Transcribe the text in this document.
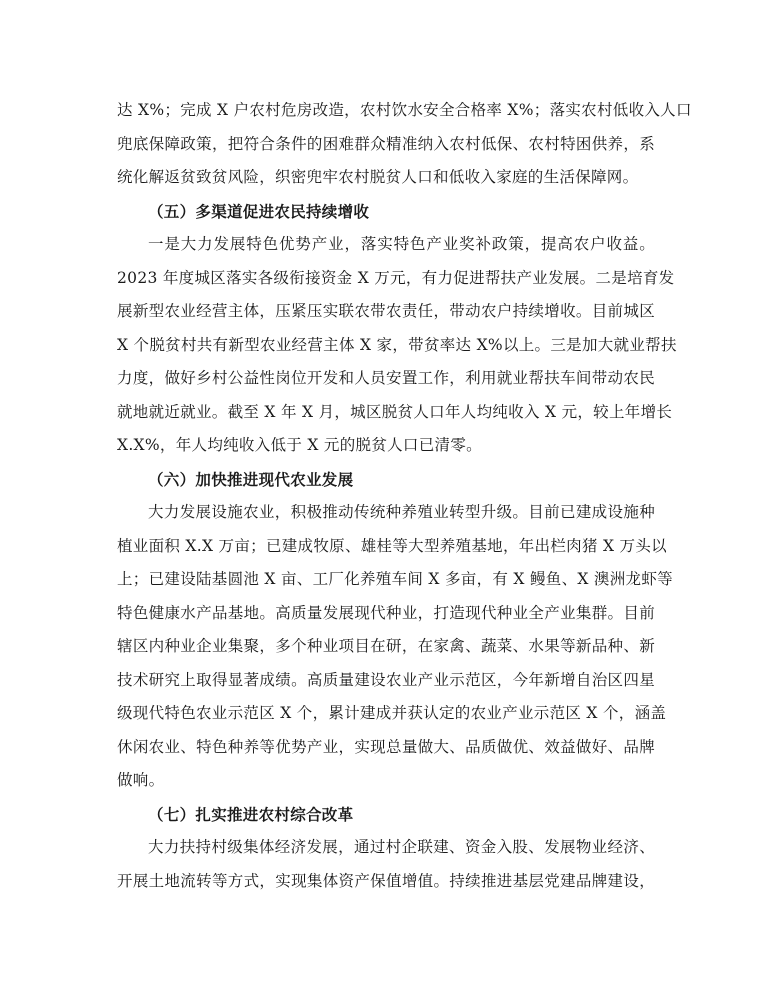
达 X%；完成 X 户农村危房改造，农村饮水安全合格率 X%；落实农村低收入人口
兜底保障政策，把符合条件的困难群众精准纳入农村低保、农村特困供养，系
统化解返贫致贫风险，织密兜牢农村脱贫人口和低收入家庭的生活保障网。
（五）多渠道促进农民持续增收
一是大力发展特色优势产业，落实特色产业奖补政策，提高农户收益。
2023 年度城区落实各级衔接资金 X 万元，有力促进帮扶产业发展。二是培育发
展新型农业经营主体，压紧压实联农带农责任，带动农户持续增收。目前城区
X 个脱贫村共有新型农业经营主体 X 家，带贫率达 X%以上。三是加大就业帮扶
力度，做好乡村公益性岗位开发和人员安置工作，利用就业帮扶车间带动农民
就地就近就业。截至 X 年 X 月，城区脱贫人口年人均纯收入 X 元，较上年增长
X.X%，年人均纯收入低于 X 元的脱贫人口已清零。
（六）加快推进现代农业发展
大力发展设施农业，积极推动传统种养殖业转型升级。目前已建成设施种
植业面积 X.X 万亩；已建成牧原、雄桂等大型养殖基地，年出栏肉猪 X 万头以
上；已建设陆基圆池 X 亩、工厂化养殖车间 X 多亩，有 X 鳗鱼、X 澳洲龙虾等
特色健康水产品基地。高质量发展现代种业，打造现代种业全产业集群。目前
辖区内种业企业集聚，多个种业项目在研，在家禽、蔬菜、水果等新品种、新
技术研究上取得显著成绩。高质量建设农业产业示范区，今年新增自治区四星
级现代特色农业示范区 X 个，累计建成并获认定的农业产业示范区 X 个，涵盖
休闲农业、特色种养等优势产业，实现总量做大、品质做优、效益做好、品牌
做响。
（七）扎实推进农村综合改革
大力扶持村级集体经济发展，通过村企联建、资金入股、发展物业经济、
开展土地流转等方式，实现集体资产保值增值。持续推进基层党建品牌建设，
